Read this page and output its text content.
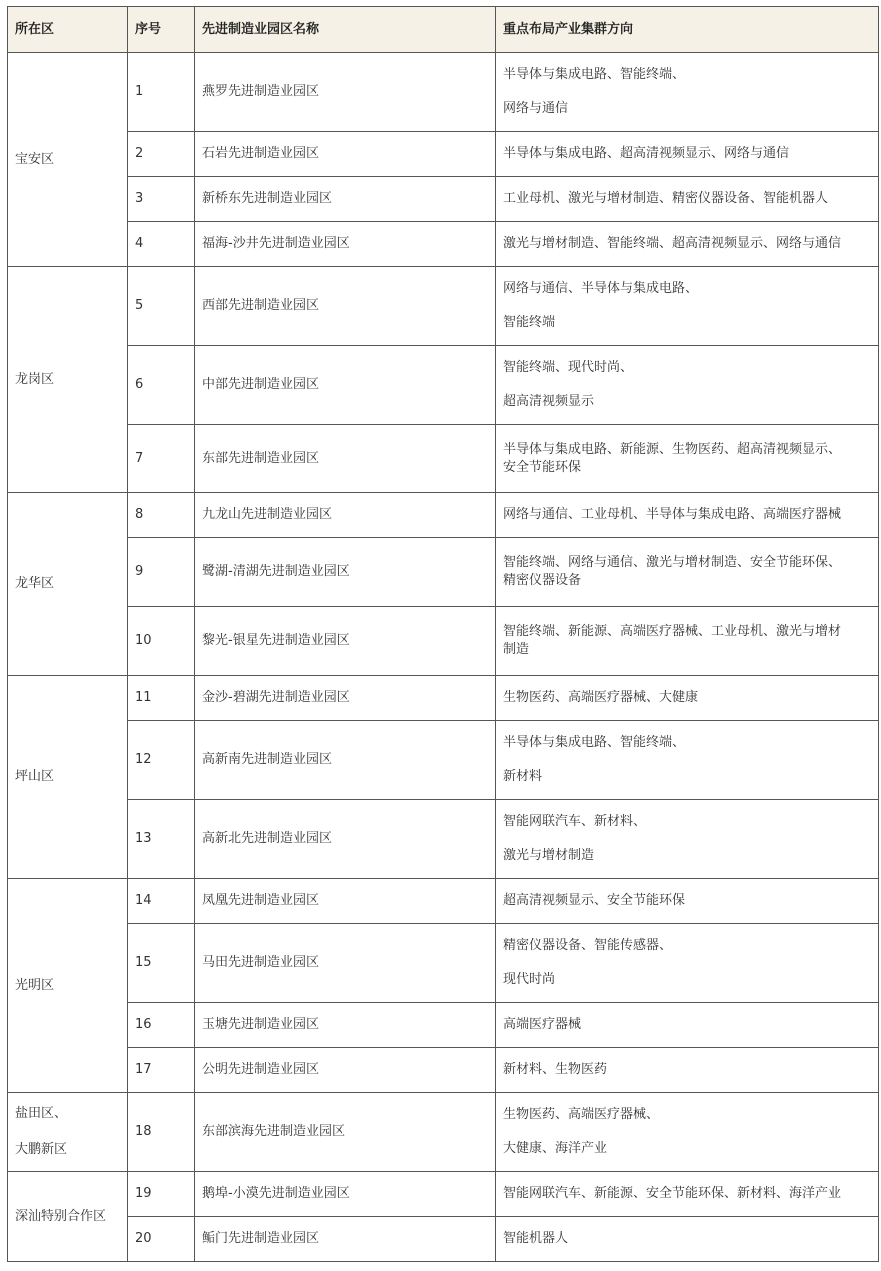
所在区	序号	先进制造业园区名称	重点布局产业集群方向

宝安区	1	燕罗先进制造业园区	半导体与集成电路、智能终端、
网络与通信

	2	石岩先进制造业园区	半导体与集成电路、超高清视频显示、网络与通信

	3	新桥东先进制造业园区	工业母机、激光与增材制造、精密仪器设备、智能机器人

	4	福海-沙井先进制造业园区	激光与增材制造、智能终端、超高清视频显示、网络与通信

龙岗区	5	西部先进制造业园区	网络与通信、半导体与集成电路、
智能终端

	6	中部先进制造业园区	智能终端、现代时尚、
超高清视频显示

	7	东部先进制造业园区	半导体与集成电路、新能源、生物医药、超高清视频显示、
安全节能环保

龙华区	8	九龙山先进制造业园区	网络与通信、工业母机、半导体与集成电路、高端医疗器械

	9	鹭湖-清湖先进制造业园区	智能终端、网络与通信、激光与增材制造、安全节能环保、
精密仪器设备

	10	黎光-银星先进制造业园区	智能终端、新能源、高端医疗器械、工业母机、激光与增材
制造

坪山区	11	金沙-碧湖先进制造业园区	生物医药、高端医疗器械、大健康

	12	高新南先进制造业园区	半导体与集成电路、智能终端、
新材料

	13	高新北先进制造业园区	智能网联汽车、新材料、
激光与增材制造

光明区	14	凤凰先进制造业园区	超高清视频显示、安全节能环保

	15	马田先进制造业园区	精密仪器设备、智能传感器、
现代时尚

	16	玉塘先进制造业园区	高端医疗器械

	17	公明先进制造业园区	新材料、生物医药

盐田区、
大鹏新区	18	东部滨海先进制造业园区	生物医药、高端医疗器械、
大健康、海洋产业

深汕特别合作区	19	鹅埠-小漠先进制造业园区	智能网联汽车、新能源、安全节能环保、新材料、海洋产业

	20	鲘门先进制造业园区	智能机器人
